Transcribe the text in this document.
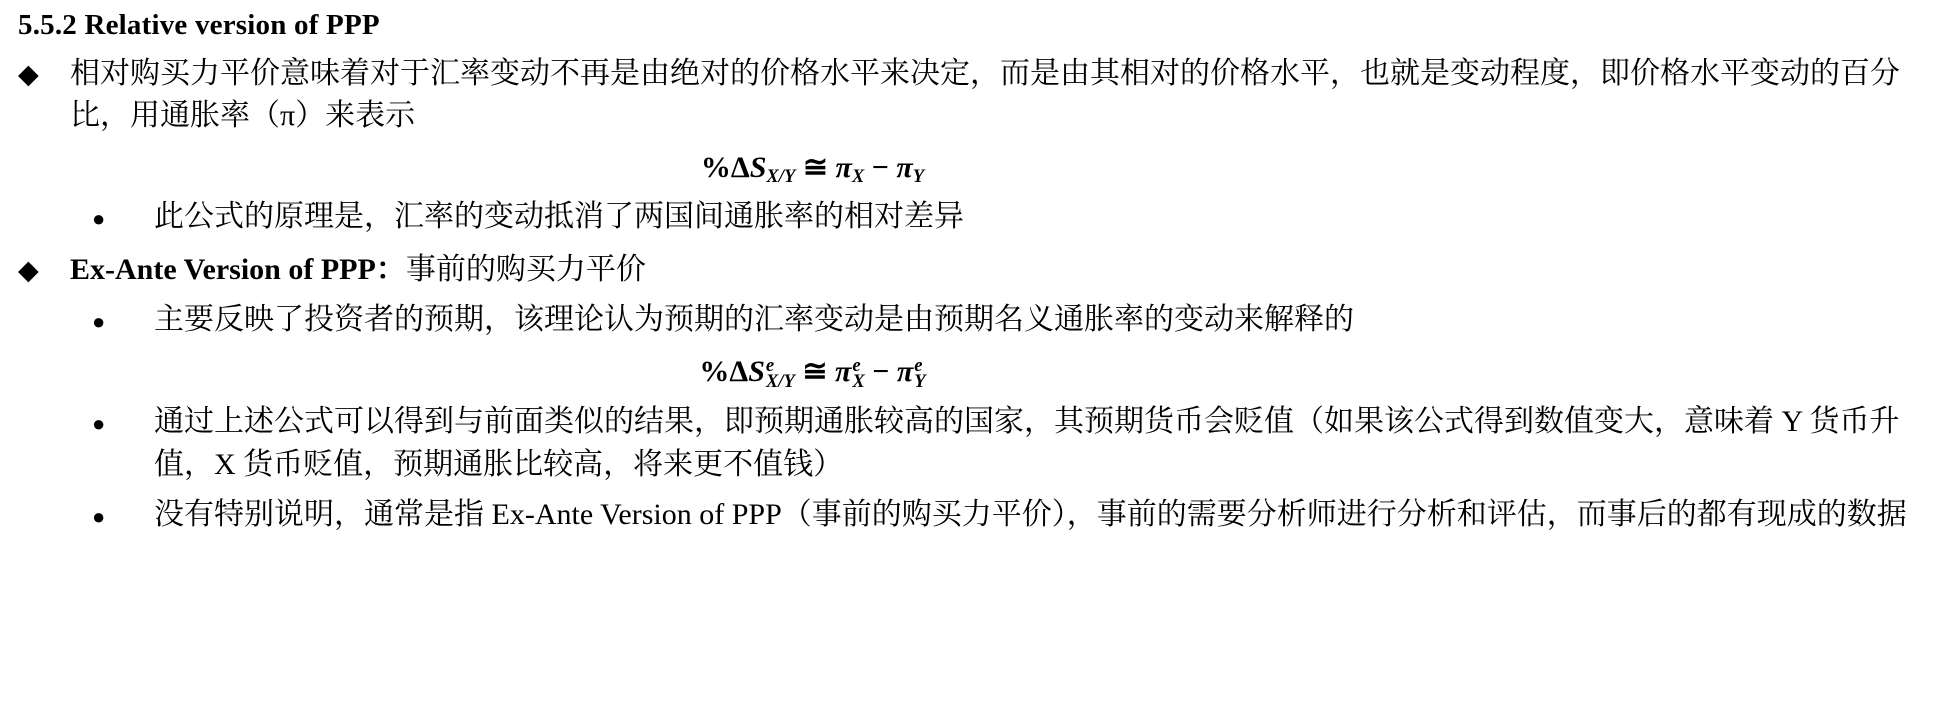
5.5.2 Relative version of PPP
◆	相对购买力平价意味着对于汇率变动不再是由绝对的价格水平来决定，而是由其相对的价格水平，也就是变动程度，即价格水平变动的百分比，用通胀率（π）来表示
$\%\Delta S_{X/Y}$ ≅ $\pi_X - \pi_Y$
●	此公式的原理是，汇率的变动抵消了两国间通胀率的相对差异
◆	Ex-Ante Version of PPP：事前的购买力平价
●	主要反映了投资者的预期，该理论认为预期的汇率变动是由预期名义通胀率的变动来解释的
%ΔS e
X/Y ≅ π e
X − π e
Y
●	通过上述公式可以得到与前面类似的结果，即预期通胀较高的国家，其预期货币会贬值（如果该公式得到数值变大，意味着 Y 货币升值，X 货币贬值，预期通胀比较高，将来更不值钱）
●	没有特别说明，通常是指 Ex-Ante Version of PPP（事前的购买力平价），事前的需要分析师进行分析和评估，而事后的都有现成的数据
